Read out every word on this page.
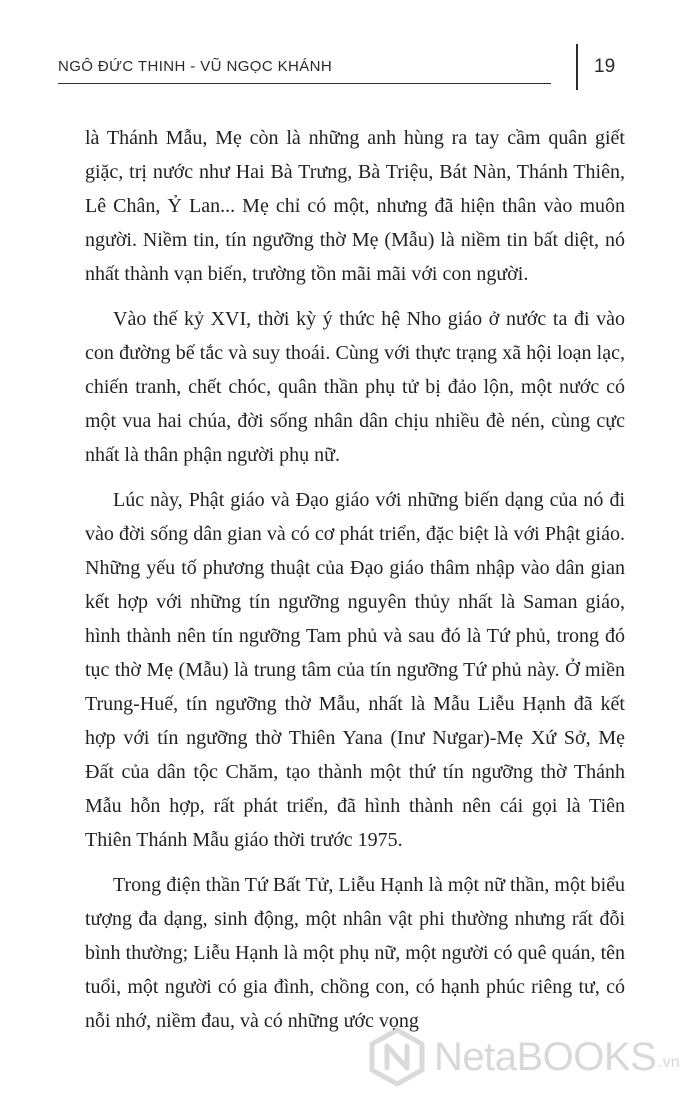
NGÔ ĐỨC THINH - VŨ NGỌC KHÁNH	19

là Thánh Mẫu, Mẹ còn là những anh hùng ra tay cầm quân giết giặc, trị nước như Hai Bà Trưng, Bà Triệu, Bát Nàn, Thánh Thiên, Lê Chân, Ỷ Lan... Mẹ chỉ có một, nhưng đã hiện thân vào muôn người. Niềm tin, tín ngưỡng thờ Mẹ (Mẫu) là niềm tin bất diệt, nó nhất thành vạn biến, trường tồn mãi mãi với con người.

Vào thế kỷ XVI, thời kỳ ý thức hệ Nho giáo ở nước ta đi vào con đường bế tắc và suy thoái. Cùng với thực trạng xã hội loạn lạc, chiến tranh, chết chóc, quân thần phụ tử bị đảo lộn, một nước có một vua hai chúa, đời sống nhân dân chịu nhiều đè nén, cùng cực nhất là thân phận người phụ nữ.

Lúc này, Phật giáo và Đạo giáo với những biến dạng của nó đi vào đời sống dân gian và có cơ phát triển, đặc biệt là với Phật giáo. Những yếu tố phương thuật của Đạo giáo thâm nhập vào dân gian kết hợp với những tín ngưỡng nguyên thủy nhất là Saman giáo, hình thành nên tín ngưỡng Tam phủ và sau đó là Tứ phủ, trong đó tục thờ Mẹ (Mẫu) là trung tâm của tín ngưỡng Tứ phủ này. Ở miền Trung-Huế, tín ngưỡng thờ Mẫu, nhất là Mẫu Liễu Hạnh đã kết hợp với tín ngưỡng thờ Thiên Yana (Inư Nưgar)-Mẹ Xứ Sở, Mẹ Đất của dân tộc Chăm, tạo thành một thứ tín ngưỡng thờ Thánh Mẫu hỗn hợp, rất phát triển, đã hình thành nên cái gọi là Tiên Thiên Thánh Mẫu giáo thời trước 1975.

Trong điện thần Tứ Bất Tử, Liễu Hạnh là một nữ thần, một biểu tượng đa dạng, sinh động, một nhân vật phi thường nhưng rất đỗi bình thường; Liễu Hạnh là một phụ nữ, một người có quê quán, tên tuổi, một người có gia đình, chồng con, có hạnh phúc riêng tư, có nỗi nhớ, niềm đau, và có những ước vọng

NetaBOOKS .vn
